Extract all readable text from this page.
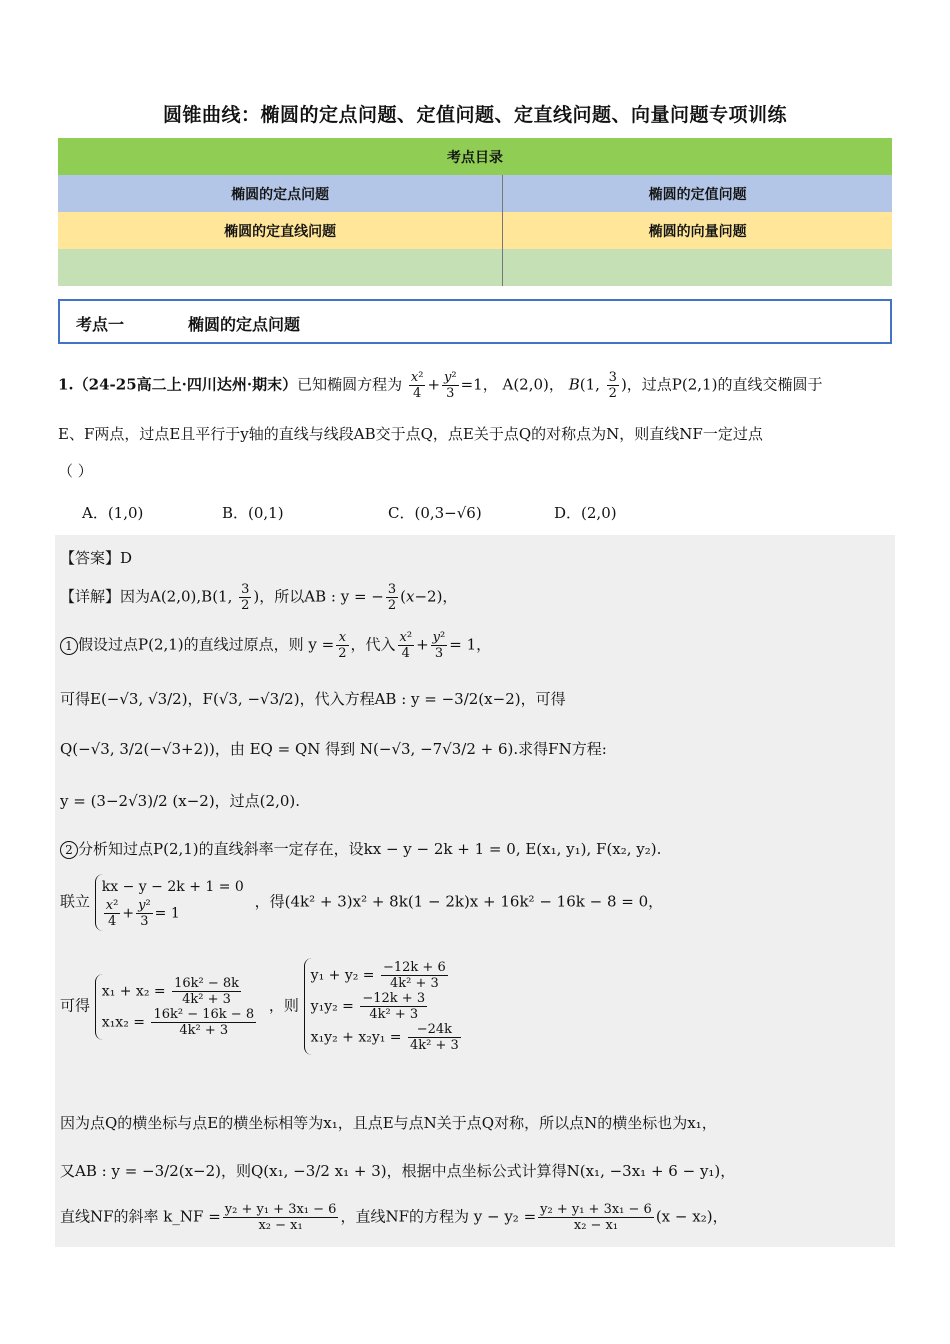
圆锥曲线：椭圆的定点问题、定值问题、定直线问题、向量问题专项训练
考点目录	
椭圆的定点问题	椭圆的定值问题
椭圆的定直线问题	椭圆的向量问题

考点一	椭圆的定点问题
1.（24-25高二上·四川达州·期末）已知椭圆方程为 $\frac{\text{x²}}{4} + \frac{\text{y²}}{3} =1$， A(2,0)， B(1, $\frac{3}{2}$ )，过点P(2,1)的直线交椭圆于
E、F两点，过点E且平行于y轴的直线与线段AB交于点Q，点E关于点Q的对称点为N，则直线NF一定过点
（ ）
A．(1,0)	B．(0,1)	C．(0,3−√6)	D．(2,0)
【答案】D
【详解】因为A(2,0),B(1, $\frac{3}{2}$ )，所以AB : y = − $\frac{3}{2} (x-2)$，
1 假设过点P(2,1)的直线过原点，则 $y = \frac{x}{2}$ ，代入 $\frac{\text{x²}}{4} + \frac{\text{y²}}{3} = 1$，
可得E(−√3, √3/2)，F(√3, −√3/2)，代入方程AB : y = −3/2(x−2)，可得
Q(−√3, 3/2(−√3+2))，由 EQ = QN 得到 N(−√3, −7√3/2 + 6).求得FN方程:
y = (3−2√3)/2 (x−2)，过点(2,0).
2 分析知过点P(2,1)的直线斜率一定存在，设kx − y − 2k + 1 = 0, E(x₁, y₁), F(x₂, y₂).
联立 kx − y − 2k + 1 = 0

$\frac{\text{x²}}{4} + \frac{\text{y²}}{3} = 1$ ，得(4k² + 3)x² + 8k(1 − 2k)x + 16k² − 16k − 8 = 0，
可得 $x_1 + x_2 = \frac{\text{16k² − 8k}}{\text{4k² + 3}}$

$x_1x_2 = \frac{\text{16k² − 16k − 8}}{\text{4k² + 3}}$
，则 $y_1 + y_2 = \frac{-12k + 6}{\text{4k² + 3}}$

$y_1y_2 = \frac{-12k + 3}{\text{4k² + 3}}$

$x_1y_2 + x_2y_1 = \frac{-24k}{\text{4k² + 3}}$
因为点Q的横坐标与点E的横坐标相等为x₁，且点E与点N关于点Q对称，所以点N的横坐标也为x₁，
又AB : y = −3/2(x−2)，则Q(x₁, −3/2 x₁ + 3)，根据中点坐标公式计算得N(x₁, −3x₁ + 6 − y₁)，
直线NF的斜率 k_NF = $\frac{\text{y₂ + y₁ + 3x₁ − 6}}{\text{x₂ − x₁}}$ ，直线NF的方程为 $y - y_2 = \frac{\text{y₂ + y₁ + 3x₁ − 6}}{\text{x₂ − x₁}} (x - x_2)$，
